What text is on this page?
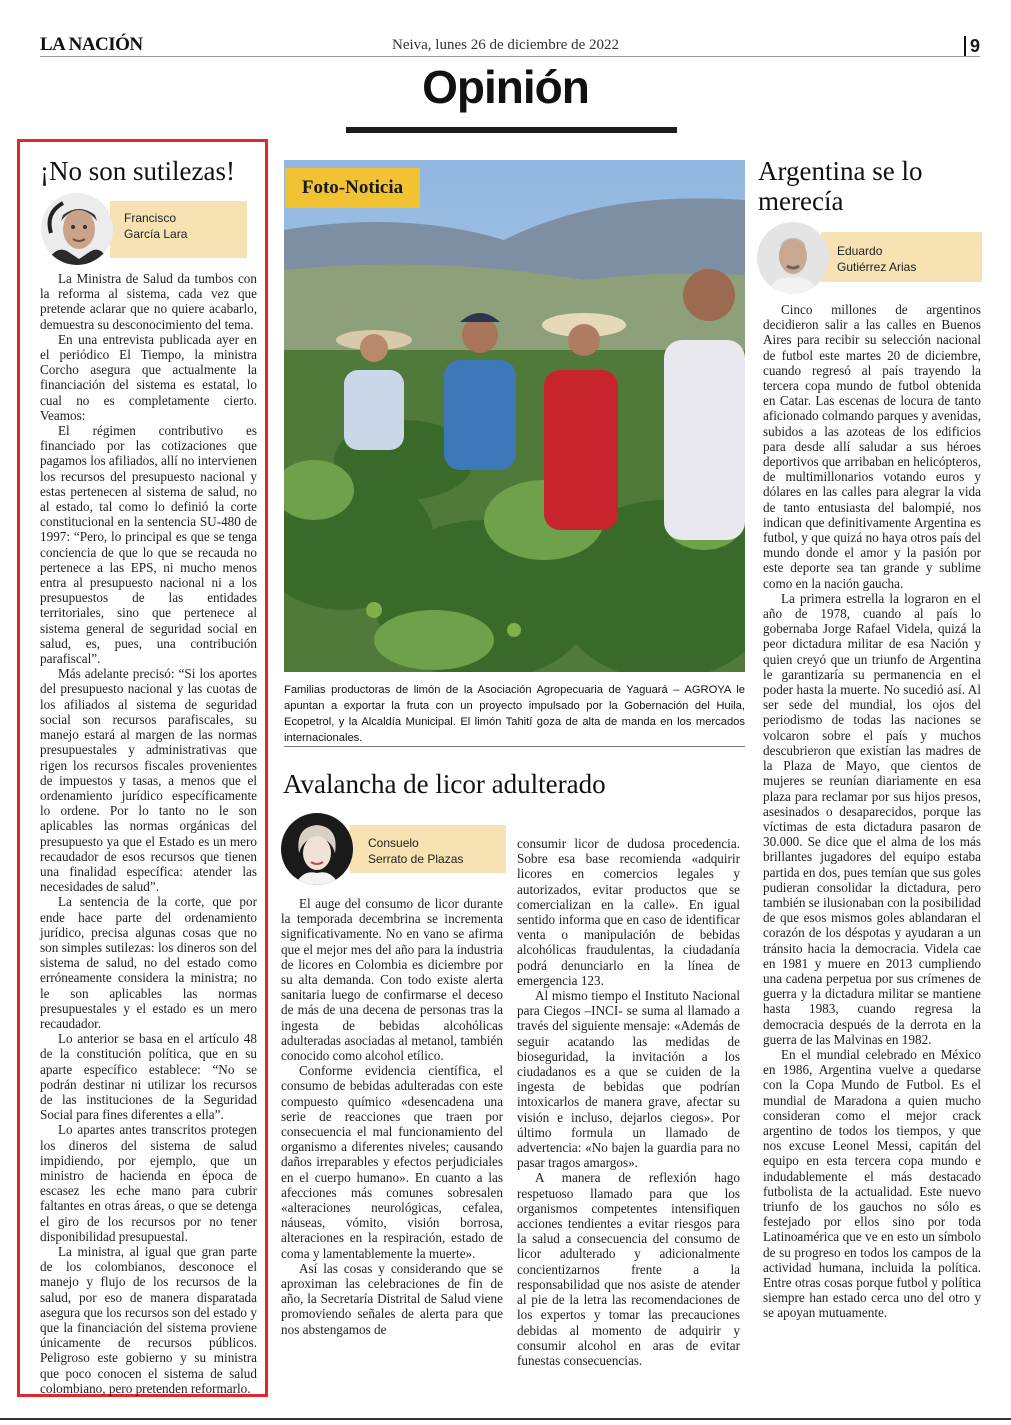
LA NACIÓN	Neiva, lunes 26 de diciembre de 2022	9
Opinión
¡No son sutilezas!
Francisco
García Lara

La Ministra de Salud da tumbos con la reforma al sistema, cada vez que pretende aclarar que no quiere acabarlo, demuestra su desconocimiento del tema.

En una entrevista publicada ayer en el periódico El Tiempo, la ministra Corcho asegura que actualmente la financiación del sistema es estatal, lo cual no es completamente cierto. Veamos:

El régimen contributivo es financiado por las cotizaciones que pagamos los afiliados, allí no intervienen los recursos del presupuesto nacional y estas pertenecen al sistema de salud, no al estado, tal como lo definió la corte constitucional en la sentencia SU-480 de 1997: “Pero, lo principal es que se tenga conciencia de que lo que se recauda no pertenece a las EPS, ni mucho menos entra al presupuesto nacional ni a los presupuestos de las entidades territoriales, sino que pertenece al sistema general de seguridad social en salud, es, pues, una contribución parafiscal”.

Más adelante precisó: “Si los aportes del presupuesto nacional y las cuotas de los afiliados al sistema de seguridad social son recursos parafiscales, su manejo estará al margen de las normas presupuestales y administrativas que rigen los recursos fiscales provenientes de impuestos y tasas, a menos que el ordenamiento jurídico específicamente lo ordene. Por lo tanto no le son aplicables las normas orgánicas del presupuesto ya que el Estado es un mero recaudador de esos recursos que tienen una finalidad específica: atender las necesidades de salud”.

La sentencia de la corte, que por ende hace parte del ordenamiento jurídico, precisa algunas cosas que no son simples sutilezas: los dineros son del sistema de salud, no del estado como erróneamente considera la ministra; no le son aplicables las normas presupuestales y el estado es un mero recaudador.

Lo anterior se basa en el artículo 48 de la constitución política, que en su aparte específico establece: “No se podrán destinar ni utilizar los recursos de las instituciones de la Seguridad Social para fines diferentes a ella”.

Lo apartes antes transcritos protegen los dineros del sistema de salud impidiendo, por ejemplo, que un ministro de hacienda en época de escasez les eche mano para cubrir faltantes en otras áreas, o que se detenga el giro de los recursos por no tener disponibilidad presupuestal.

La ministra, al igual que gran parte de los colombianos, desconoce el manejo y flujo de los recursos de la salud, por eso de manera disparatada asegura que los recursos son del estado y que la financiación del sistema proviene únicamente de recursos públicos. Peligroso este gobierno y su ministra que poco conocen el sistema de salud colombiano, pero pretenden reformarlo.

Foto-Noticia
Familias productoras de limón de la Asociación Agropecuaria de Yaguará – AGROYA le apuntan a exportar la fruta con un proyecto impulsado por la Gobernación del Huila, Ecopetrol, y la Alcaldía Municipal. El limón Tahití goza de alta de manda en los mercados internacionales.
Avalancha de licor adulterado
Consuelo
Serrato de Plazas

El auge del consumo de licor durante la temporada decembrina se incrementa significativamente. No en vano se afirma que el mejor mes del año para la industria de licores en Colombia es diciembre por su alta demanda. Con todo existe alerta sanitaria luego de confirmarse el deceso de más de una decena de personas tras la ingesta de bebidas alcohólicas adulteradas asociadas al metanol, también conocido como alcohol etílico.

Conforme evidencia científica, el consumo de bebidas adulteradas con este compuesto químico «desencadena una serie de reacciones que traen por consecuencia el mal funcionamiento del organismo a diferentes niveles; causando daños irreparables y efectos perjudiciales en el cuerpo humano». En cuanto a las afecciones más comunes sobresalen «alteraciones neurológicas, cefalea, náuseas, vómito, visión borrosa, alteraciones en la respiración, estado de coma y lamentablemente la muerte».

Así las cosas y considerando que se aproximan las celebraciones de fin de año, la Secretaría Distrital de Salud viene promoviendo señales de alerta para que nos abstengamos de

consumir licor de dudosa procedencia. Sobre esa base recomienda «adquirir licores en comercios legales y autorizados, evitar productos que se comercializan en la calle». En igual sentido informa que en caso de identificar venta o manipulación de bebidas alcohólicas fraudulentas, la ciudadanía podrá denunciarlo en la línea de emergencia 123.

Al mismo tiempo el Instituto Nacional para Ciegos –INCI- se suma al llamado a través del siguiente mensaje: «Además de seguir acatando las medidas de bioseguridad, la invitación a los ciudadanos es a que se cuiden de la ingesta de bebidas que podrían intoxicarlos de manera grave, afectar su visión e incluso, dejarlos ciegos». Por último formula un llamado de advertencia: «No bajen la guardia para no pasar tragos amargos».

A manera de reflexión hago respetuoso llamado para que los organismos competentes intensifiquen acciones tendientes a evitar riesgos para la salud a consecuencia del consumo de licor adulterado y adicionalmente concientizarnos frente a la responsabilidad que nos asiste de atender al pie de la letra las recomendaciones de los expertos y tomar las precauciones debidas al momento de adquirir y consumir alcohol en aras de evitar funestas consecuencias.

Argentina se lo merecía
Eduardo
Gutiérrez Arias

Cinco millones de argentinos decidieron salir a las calles en Buenos Aires para recibir su selección nacional de futbol este martes 20 de diciembre, cuando regresó al país trayendo la tercera copa mundo de futbol obtenida en Catar. Las escenas de locura de tanto aficionado colmando parques y avenidas, subidos a las azoteas de los edificios para desde allí saludar a sus héroes deportivos que arribaban en helicópteros, de multimillonarios votando euros y dólares en las calles para alegrar la vida de tanto entusiasta del balompié, nos indican que definitivamente Argentina es futbol, y que quizá no haya otros país del mundo donde el amor y la pasión por este deporte sea tan grande y sublime como en la nación gaucha.

La primera estrella la lograron en el año de 1978, cuando al país lo gobernaba Jorge Rafael Videla, quizá la peor dictadura militar de esa Nación y quien creyó que un triunfo de Argentina le garantizaría su permanencia en el poder hasta la muerte. No sucedió así. Al ser sede del mundial, los ojos del periodismo de todas las naciones se volcaron sobre el país y muchos descubrieron que existían las madres de la Plaza de Mayo, que cientos de mujeres se reunían diariamente en esa plaza para reclamar por sus hijos presos, asesinados o desaparecidos, porque las víctimas de esta dictadura pasaron de 30.000. Se dice que el alma de los más brillantes jugadores del equipo estaba partida en dos, pues temían que sus goles pudieran consolidar la dictadura, pero también se ilusionaban con la posibilidad de que esos mismos goles ablandaran el corazón de los déspotas y ayudaran a un tránsito hacia la democracia. Videla cae en 1981 y muere en 2013 cumpliendo una cadena perpetua por sus crímenes de guerra y la dictadura militar se mantiene hasta 1983, cuando regresa la democracia después de la derrota en la guerra de las Malvinas en 1982.

En el mundial celebrado en México en 1986, Argentina vuelve a quedarse con la Copa Mundo de Futbol. Es el mundial de Maradona a quien mucho consideran como el mejor crack argentino de todos los tiempos, y que nos excuse Leonel Messi, capitán del equipo en esta tercera copa mundo e indudablemente el más destacado futbolista de la actualidad. Este nuevo triunfo de los gauchos no sólo es festejado por ellos sino por toda Latinoamérica que ve en esto un símbolo de su progreso en todos los campos de la actividad humana, incluida la política. Entre otras cosas porque futbol y política siempre han estado cerca uno del otro y se apoyan mutuamente.
